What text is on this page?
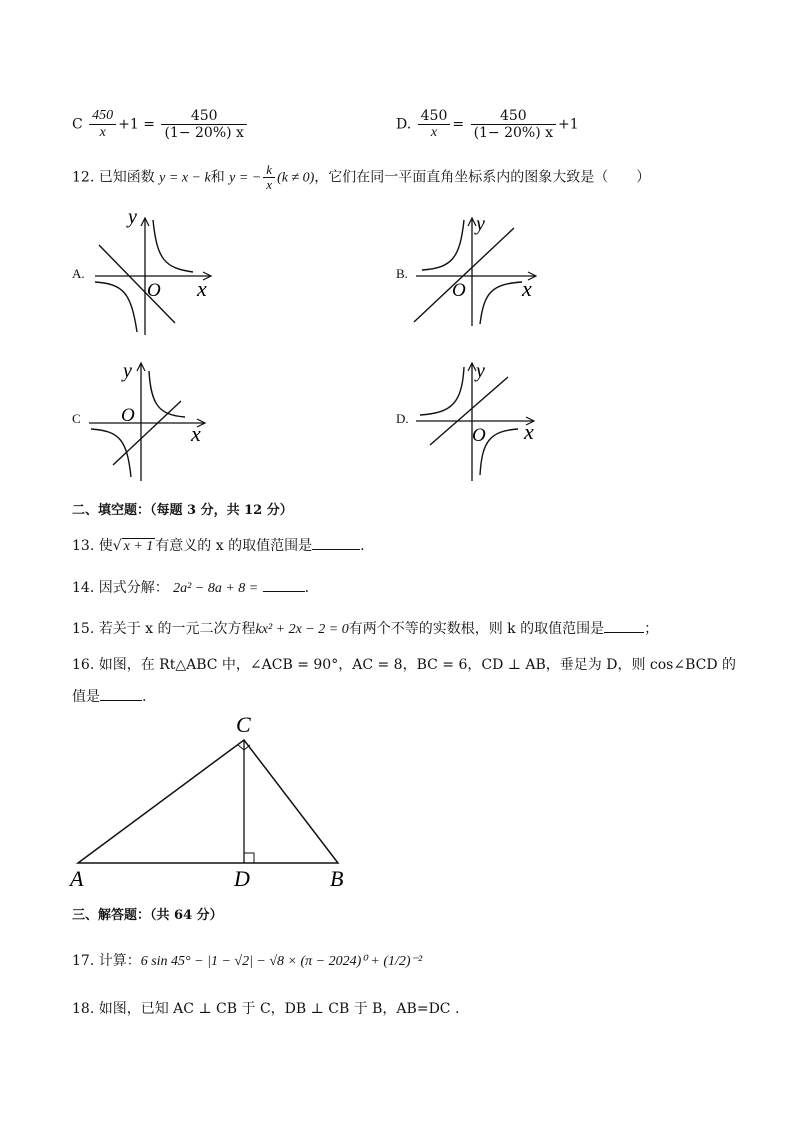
C $\frac{450}{x} +1 = \frac{450}{(1- 20\%) x}$	D. $\frac{450}{x} = \frac{450}{(1- 20\%) x} +1$
12. 已知函数 y = x − k和 y = − $\frac{k}{x} (k \ne 0)$，它们在同一平面直角坐标系内的图象大致是（　　）
A.	B.
C	D.
y
O x
y
O	x
y
O
x
y
O x
二、填空题：（每题 3 分，共 12 分）
13. 使√ x + 1 有意义的 x 的取值范围是	.
14. 因式分解： 2a² − 8a + 8 =	.
15. 若关于 x 的一元二次方程kx² + 2x − 2 = 0有两个不等的实数根，则 k 的取值范围是	；
16. 如图，在 Rt△ABC 中，∠ACB = 90°，AC = 8，BC = 6，CD ⊥ AB，垂足为 D，则 cos∠BCD 的
值是	.
A	D	B
C
三、解答题：（共 64 分）
17. 计算：6 sin 45° − |1 − √2| − √8 × (π − 2024)⁰ + (1/2)⁻²
18. 如图，已知 AC ⊥ CB 于 C，DB ⊥ CB 于 B，AB=DC .
